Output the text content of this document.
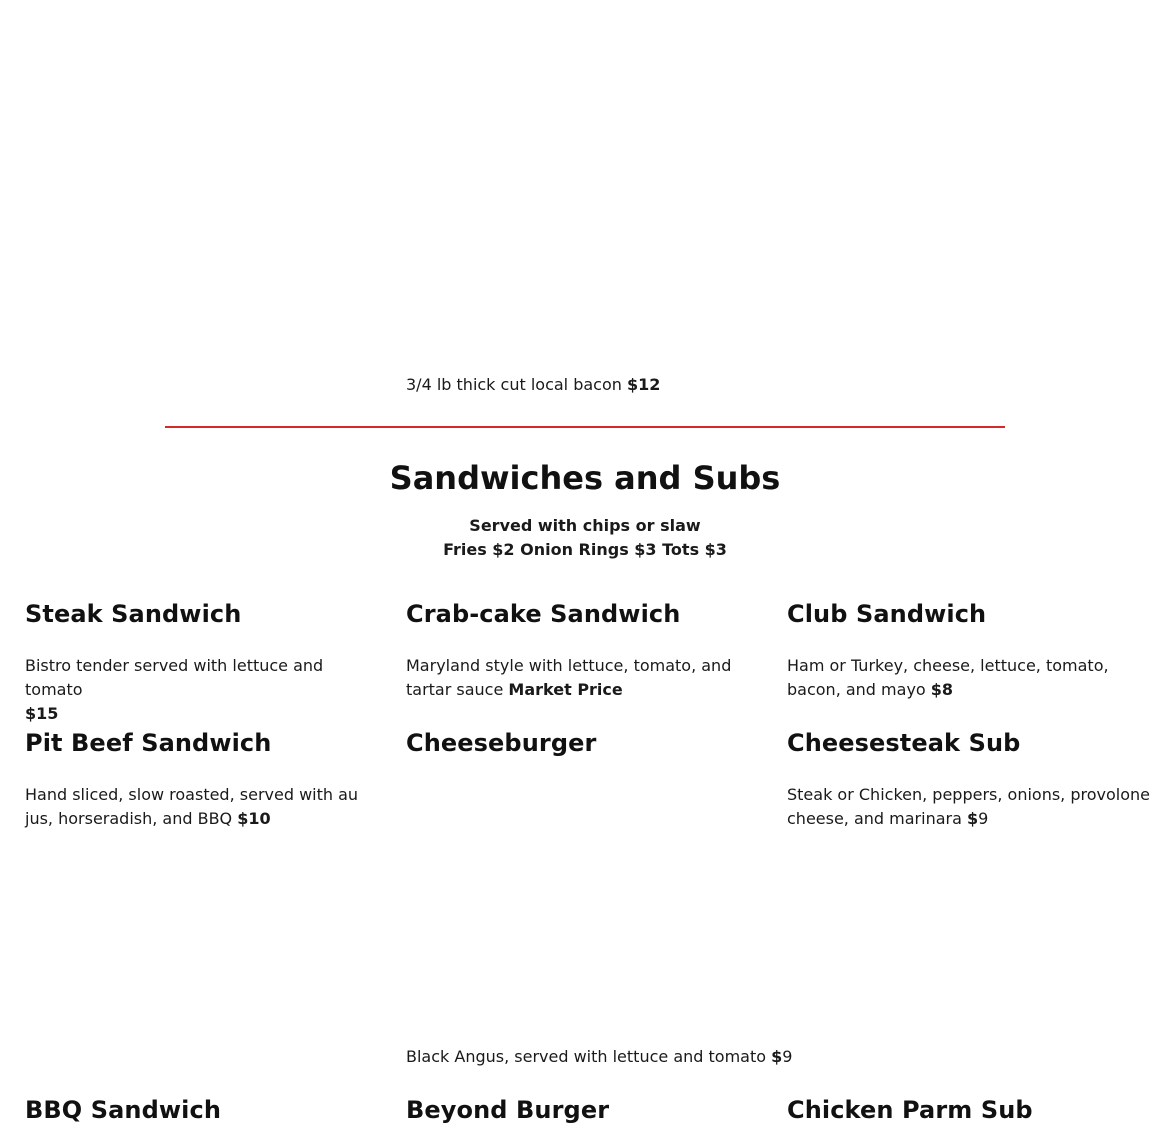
3/4 lb thick cut local bacon $12
Sandwiches and Subs
Served with chips or slaw
Fries $2 Onion Rings $3 Tots $3
Steak Sandwich
Bistro tender served with lettuce and tomato
$15
Crab-cake Sandwich
Maryland style with lettuce, tomato, and tartar sauce Market Price
Club Sandwich
Ham or Turkey, cheese, lettuce, tomato, bacon, and mayo $8
Pit Beef Sandwich
Hand sliced, slow roasted, served with au jus, horseradish, and BBQ $10
Cheeseburger	Cheesesteak Sub
Steak or Chicken, peppers, onions, provolone cheese, and marinara $9
Black Angus, served with lettuce and tomato $9
BBQ Sandwich	Beyond Burger	Chicken Parm Sub
